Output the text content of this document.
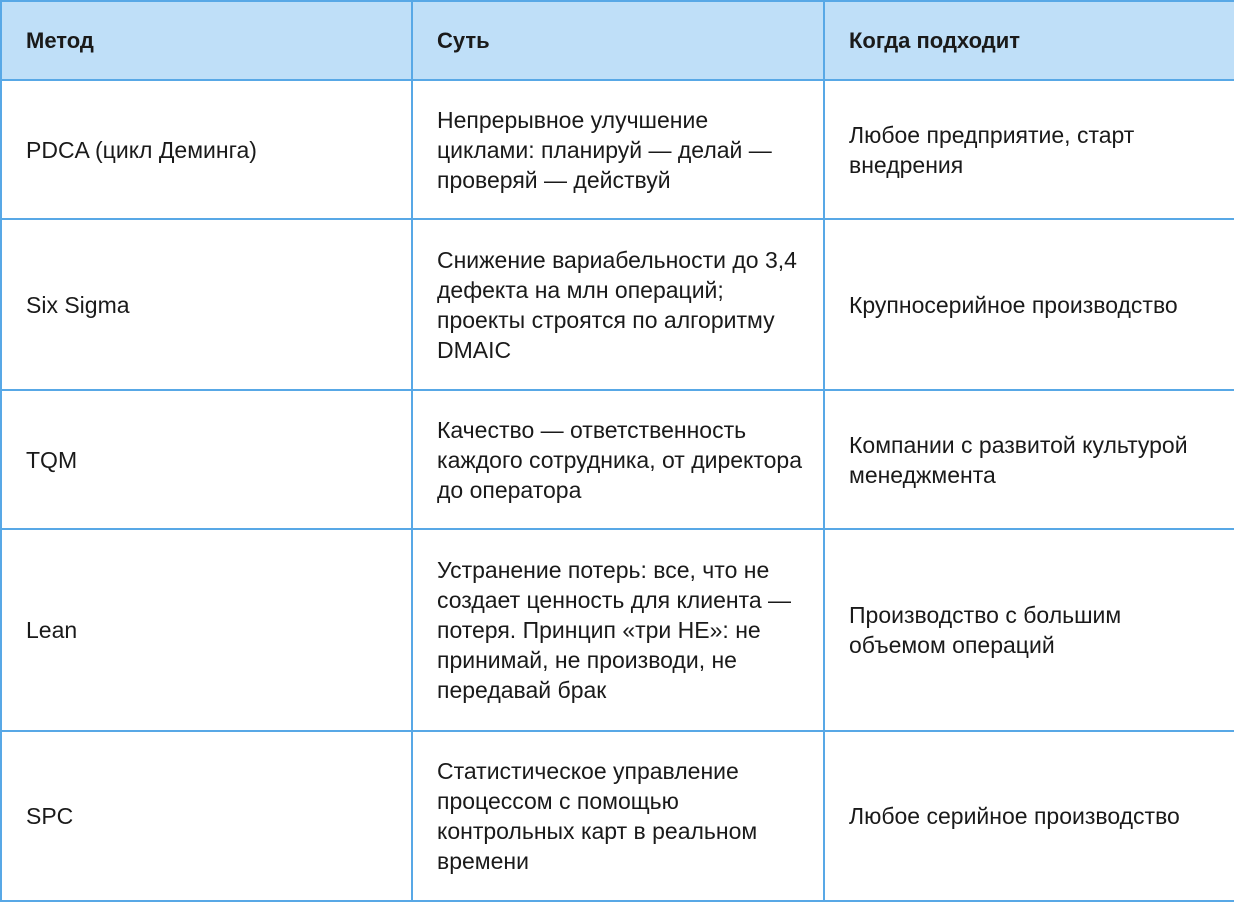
Метод	Суть	Когда подходит
PDCA (цикл Деминга)	Непрерывное улучшение циклами: планируй — делай — проверяй — действуй	Любое предприятие, старт внедрения
Six Sigma	Снижение вариабельности до 3,4 дефекта на млн операций; проекты строятся по алгоритму DMAIC	Крупносерийное производство
TQM	Качество — ответственность каждого сотрудника, от директора до оператора	Компании с развитой культурой менеджмента
Lean	Устранение потерь: все, что не создает ценность для клиента — потеря. Принцип «три НЕ»: не принимай, не производи, не передавай брак	Производство с большим объемом операций
SPC	Статистическое управление процессом с помощью контрольных карт в реальном времени	Любое серийное производство
